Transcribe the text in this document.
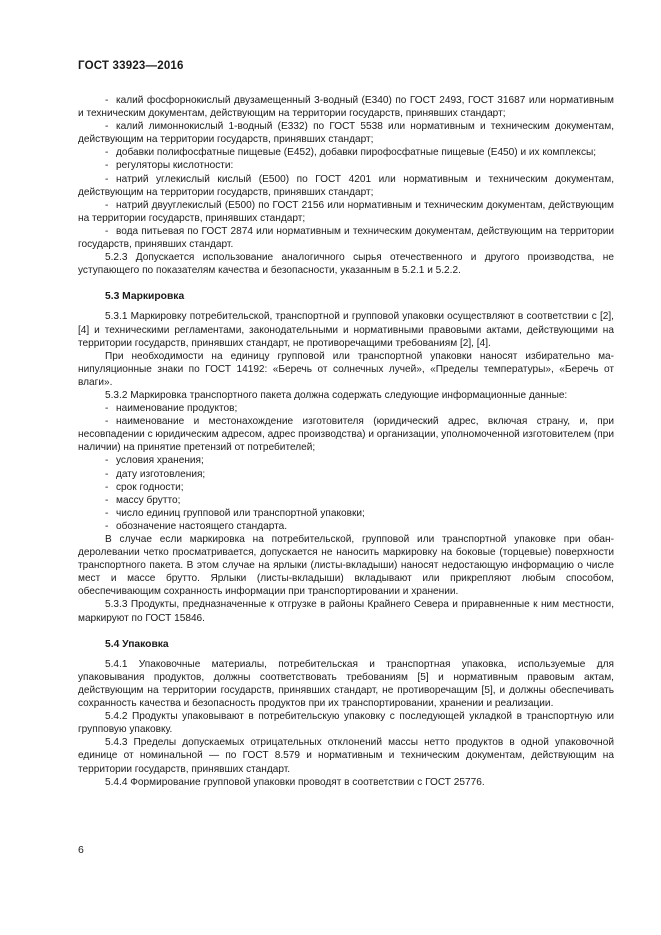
ГОСТ 33923—2016
- калий фосфорнокислый двузамещенный 3-водный (Е340) по ГОСТ 2493, ГОСТ 31687 или нормативным и техническим документам, действующим на территории государств, принявших стандарт;
- калий лимоннокислый 1-водный (Е332) по ГОСТ 5538 или нормативным и техническим документам, действующим на территории государств, принявших стандарт;
- добавки полифосфатные пищевые (Е452), добавки пирофосфатные пищевые (Е450) и их комплексы;
- регуляторы кислотности:
- натрий углекислый кислый (Е500) по ГОСТ 4201 или нормативным и техническим документам, действующим на территории государств, принявших стандарт;
- натрий двууглекислый (Е500) по ГОСТ 2156 или нормативным и техническим документам, действующим на территории государств, принявших стандарт;
- вода питьевая по ГОСТ 2874 или нормативным и техническим документам, действующим на территории государств, принявших стандарт.
5.2.3 Допускается использование аналогичного сырья отечественного и другого производства, не уступающего по показателям качества и безопасности, указанным в 5.2.1 и 5.2.2.
5.3 Маркировка
5.3.1 Маркировку потребительской, транспортной и групповой упаковки осуществляют в соответствии с [2], [4] и техническими регламентами, законодательными и нормативными правовыми актами, действующими на территории государств, принявших стандарт, не противоречащими требованиям [2], [4].
При необходимости на единицу групповой или транспортной упаковки наносят избирательно манипуляционные знаки по ГОСТ 14192: «Беречь от солнечных лучей», «Пределы температуры», «Беречь от влаги».
5.3.2 Маркировка транспортного пакета должна содержать следующие информационные данные:
- наименование продуктов;
- наименование и местонахождение изготовителя (юридический адрес, включая страну, и, при несовпадении с юридическим адресом, адрес производства) и организации, уполномоченной изготовителем (при наличии) на принятие претензий от потребителей;
- условия хранения;
- дату изготовления;
- срок годности;
- массу брутто;
- число единиц групповой или транспортной упаковки;
- обозначение настоящего стандарта.
В случае если маркировка на потребительской, групповой или транспортной упаковке при обандеролевании четко просматривается, допускается не наносить маркировку на боковые (торцевые) поверхности транспортного пакета. В этом случае на ярлыки (листы-вкладыши) наносят недостающую информацию о числе мест и массе брутто. Ярлыки (листы-вкладыши) вкладывают или прикрепляют любым способом, обеспечивающим сохранность информации при транспортировании и хранении.
5.3.3 Продукты, предназначенные к отгрузке в районы Крайнего Севера и приравненные к ним местности, маркируют по ГОСТ 15846.
5.4 Упаковка
5.4.1 Упаковочные материалы, потребительская и транспортная упаковка, используемые для упаковывания продуктов, должны соответствовать требованиям [5] и нормативным правовым актам, действующим на территории государств, принявших стандарт, не противоречащим [5], и должны обеспечивать сохранность качества и безопасность продуктов при их транспортировании, хранении и реализации.
5.4.2 Продукты упаковывают в потребительскую упаковку с последующей укладкой в транспортную или групповую упаковку.
5.4.3 Пределы допускаемых отрицательных отклонений массы нетто продуктов в одной упаковочной единице от номинальной — по ГОСТ 8.579 и нормативным и техническим документам, действующим на территории государств, принявших стандарт.
5.4.4 Формирование групповой упаковки проводят в соответствии с ГОСТ 25776.
6
